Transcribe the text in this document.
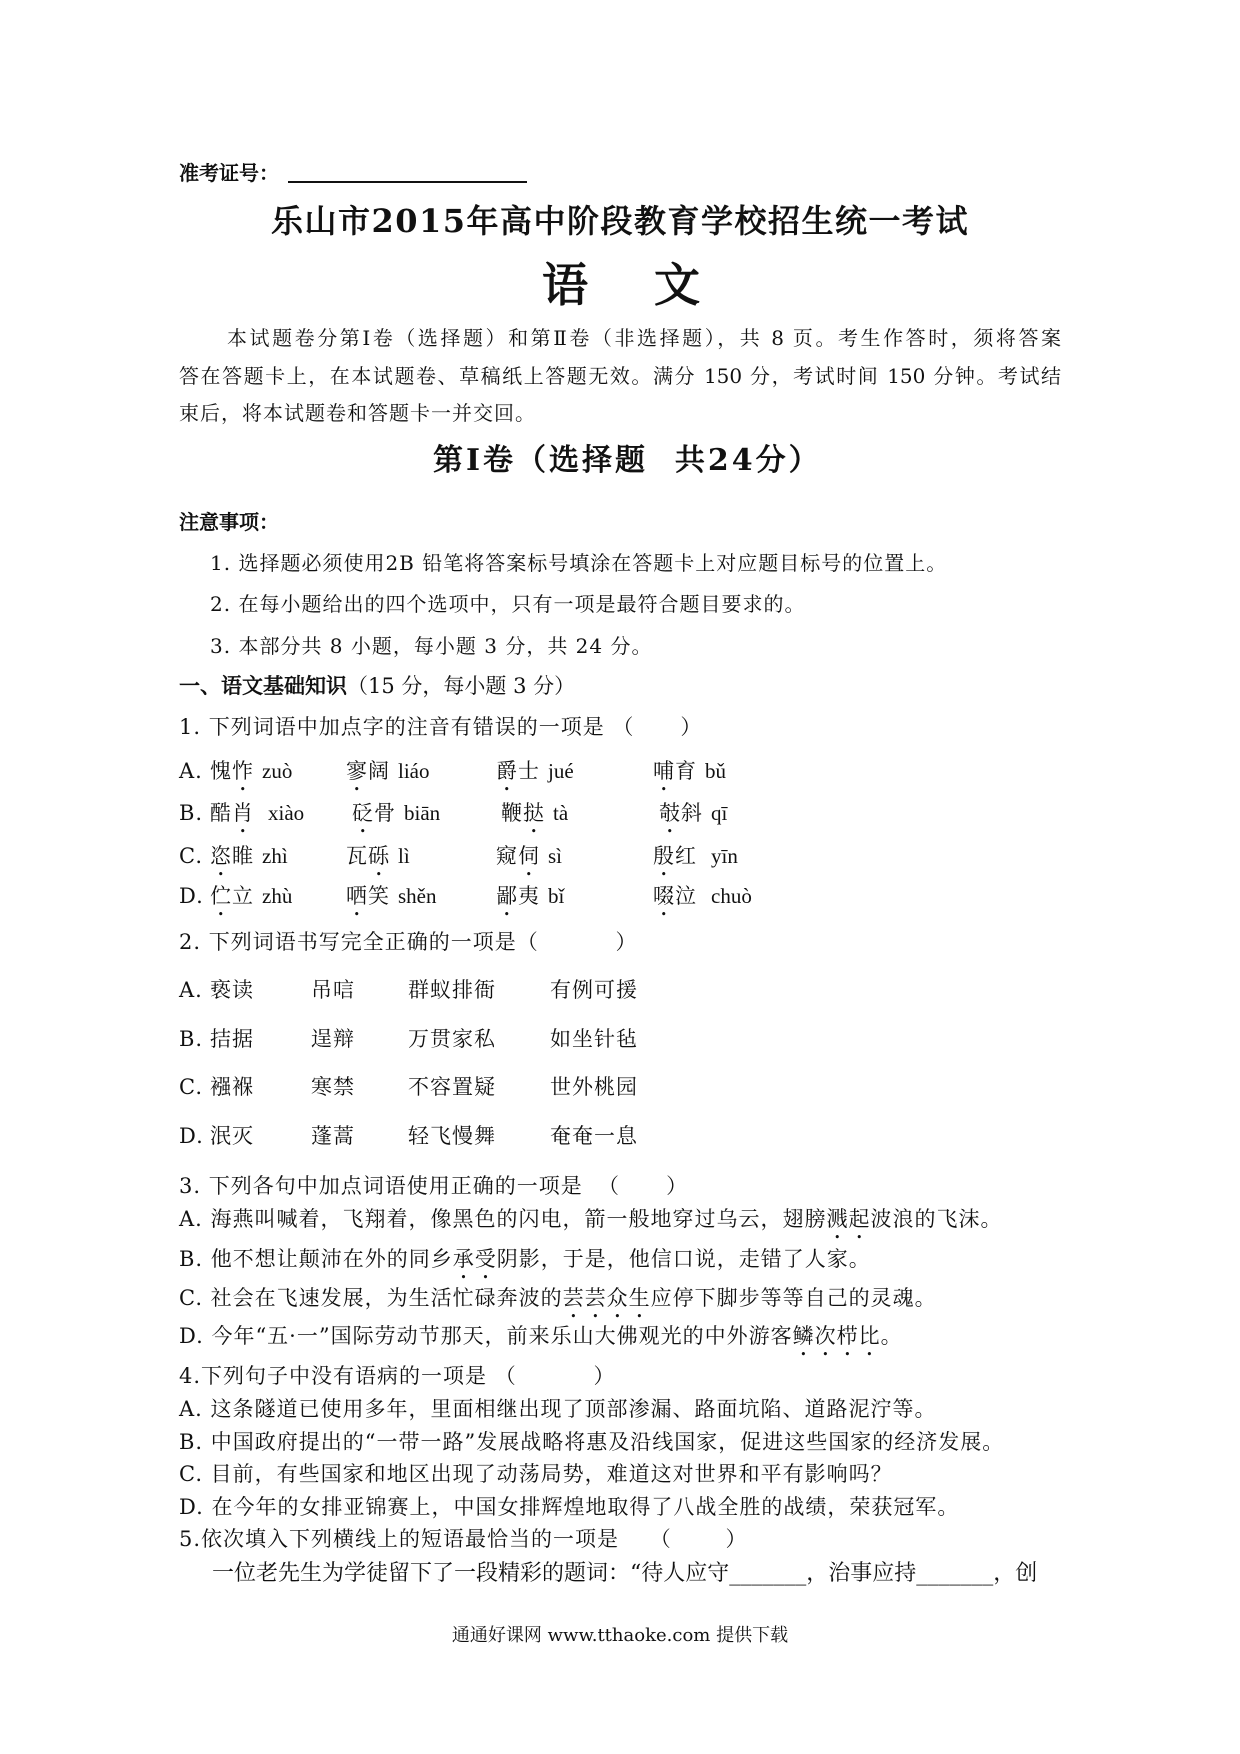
准考证号：
乐山市2015年高中阶段教育学校招生统一考试
语文
本试题卷分第Ⅰ卷（选择题）和第Ⅱ卷（非选择题），共 8 页。考生作答时，须将答案
答在答题卡上，在本试题卷、草稿纸上答题无效。满分 150 分，考试时间 150 分钟。考试结
束后，将本试题卷和答题卡一并交回。
第Ⅰ卷（选择题  共24分）
注意事项：
1. 选择题必须使用2B 铅笔将答案标号填涂在答题卡上对应题目标号的位置上。
2. 在每小题给出的四个选项中，只有一项是最符合题目要求的。
3. 本部分共 8 小题，每小题 3 分，共 24 分。
一、语文基础知识（15 分，每小题 3 分）
1. 下列词语中加点字的注音有错误的一项是 （      ）
A. 愧怍 zuò	寥阔 liáo	爵士 jué	哺育 bǔ
B. 酷肖 xiào 砭骨 biān	鞭挞 tà	攲斜 qī
C. 恣睢 zhì	瓦砾 lì	窥伺 sì	殷红 yīn
D. 伫立 zhù	哂笑 shěn	鄙夷 bǐ	啜泣 chuò
2. 下列词语书写完全正确的一项是（          ）
A. 亵读	吊唁	群蚁排衙	有例可援
B. 拮据	逞辩	万贯家私	如坐针毡
C. 襁褓	寒禁	不容置疑	世外桃园
D. 泯灭	蓬蒿	轻飞慢舞	奄奄一息
3. 下列各句中加点词语使用正确的一项是  （      ）
A. 海燕叫喊着，飞翔着，像黑色的闪电，箭一般地穿过乌云，翅膀溅起波浪的飞沫。
B. 他不想让颠沛在外的同乡承受阴影，于是，他信口说，走错了人家。
C. 社会在飞速发展，为生活忙碌奔波的芸芸众生应停下脚步等等自己的灵魂。
D. 今年“五·一”国际劳动节那天，前来乐山大佛观光的中外游客鳞次栉比。
4.下列句子中没有语病的一项是 （          ）
A. 这条隧道已使用多年，里面相继出现了顶部渗漏、路面坑陷、道路泥泞等。
B. 中国政府提出的“一带一路”发展战略将惠及沿线国家，促进这些国家的经济发展。
C. 目前，有些国家和地区出现了动荡局势，难道这对世界和平有影响吗？
D. 在今年的女排亚锦赛上，中国女排辉煌地取得了八战全胜的战绩，荣获冠军。
5.依次填入下列横线上的短语最恰当的一项是    （       ）
一位老先生为学徒留下了一段精彩的题词：“待人应守_______，治事应持_______，创
通通好课网 www.tthaoke.com 提供下载
